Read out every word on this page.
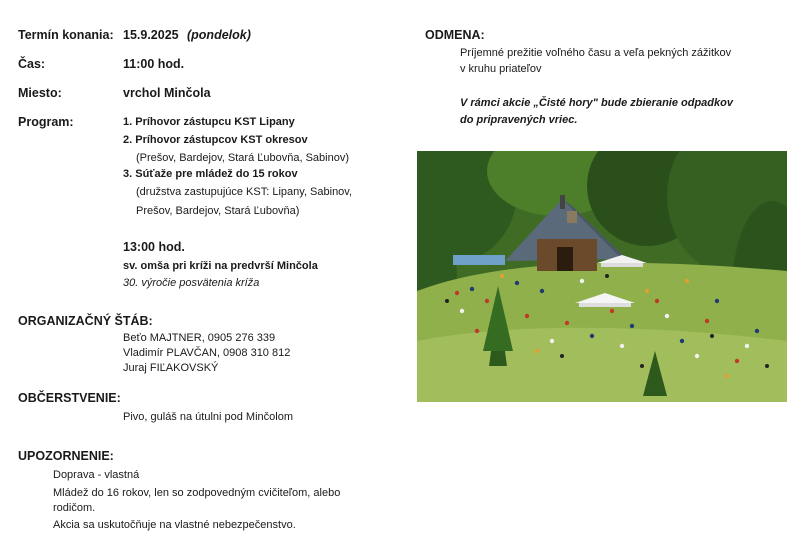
Termín konania: 15.9.2025 (pondelok)
Čas:	11:00 hod.
Miesto:	vrchol Minčola
Program:	1. Príhovor zástupcu KST Lipany
2. Príhovor zástupcov KST okresov
(Prešov, Bardejov, Stará Ľubovňa, Sabinov)
3. Súťaže pre mládež do 15 rokov
(družstva zastupujúce KST: Lipany, Sabinov,
Prešov, Bardejov, Stará Ľubovňa)
13:00 hod.
sv. omša pri kríži na predvrší Minčola
30. výročie posvätenia kríža
ORGANIZAČNÝ ŠTÁB:
Beťo MAJTNER, 0905 276 339
Vladimír PLAVČAN, 0908 310 812
Juraj FIĽAKOVSKÝ
OBČERSTVENIE:
Pivo, guláš na útulni pod Minčolom
UPOZORNENIE:
Doprava - vlastná
Mládež do 16 rokov, len so zodpovedným cvičiteľom, alebo
rodičom.
Akcia sa uskutočňuje na vlastné nebezpečenstvo.
ODMENA:
Príjemné prežitie voľného času a veľa pekných zážitkov
v kruhu priateľov
V rámci akcie „Čisté hory" bude zbieranie odpadkov
do pripravených vriec.
